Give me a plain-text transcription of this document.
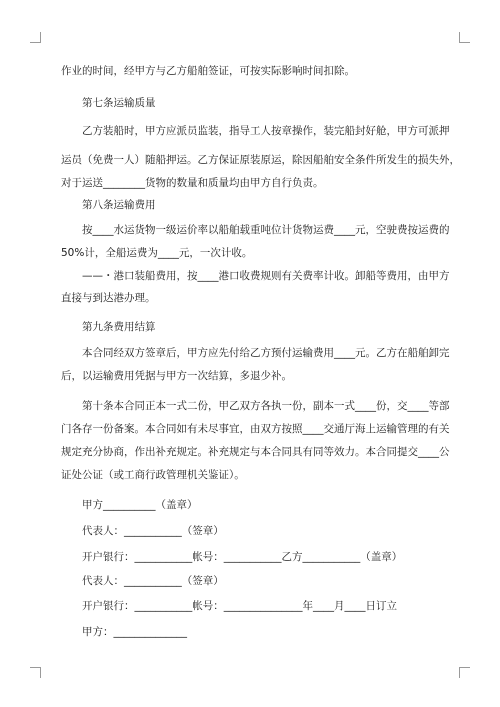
作业的时间，经甲方与乙方船舶签证，可按实际影响时间扣除。
第七条运输质量
乙方装船时，甲方应派员监装，指导工人按章操作，装完船封好舱，甲方可派押
运员（免费一人）随船押运。乙方保证原装原运，除因船舶安全条件所发生的损失外，
对于运送________货物的数量和质量均由甲方自行负责。
第八条运输费用
按____水运货物一级运价率以船舶载重吨位计货物运费____元，空驶费按运费的
50%计，全船运费为____元，一次计收。
——・港口装船费用，按____港口收费规则有关费率计收。卸船等费用，由甲方
直接与到达港办理。
第九条费用结算
本合同经双方签章后，甲方应先付给乙方预付运输费用____元。乙方在船舶卸完
后，以运输费用凭据与甲方一次结算，多退少补。
第十条本合同正本一式二份，甲乙双方各执一份，副本一式____份，交____等部
门各存一份备案。本合同如有未尽事宜，由双方按照____交通厅海上运输管理的有关
规定充分协商，作出补充规定。补充规定与本合同具有同等效力。本合同提交____公
证处公证（或工商行政管理机关鉴证）。
甲方__________（盖章）
代表人：___________（签章）
开户银行：___________帐号：___________乙方___________（盖章）
代表人：___________（签章）
开户银行：___________帐号：_______________年____月____日订立
甲方：______________
